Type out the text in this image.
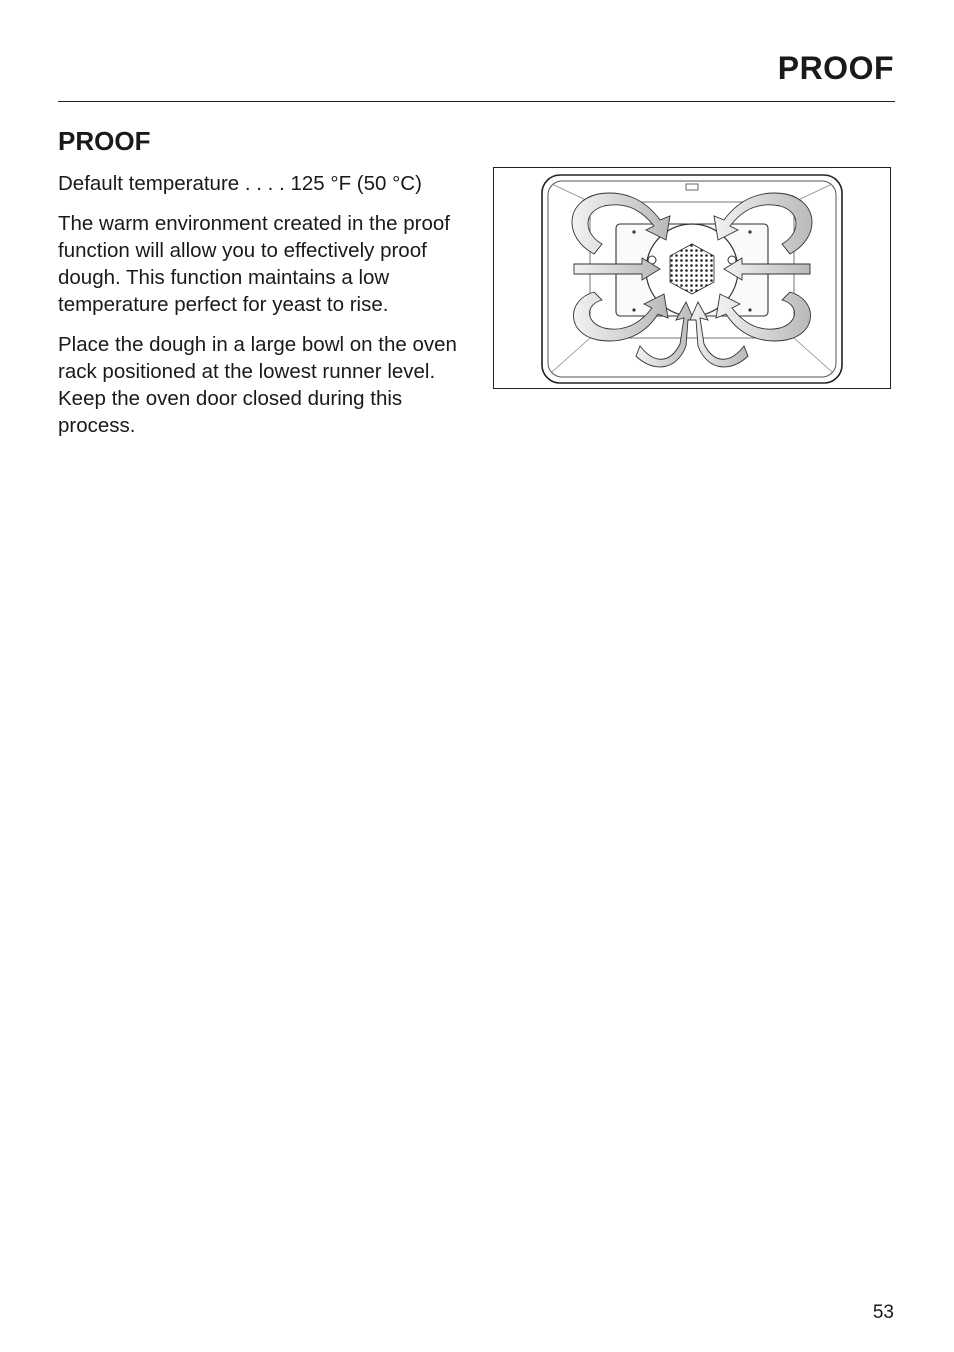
PROOF
PROOF

Default temperature . . . . 125 °F (50 °C)

The warm environment created in the proof function will allow you to effectively proof dough. This function maintains a low temperature perfect for yeast to rise.

Place the dough in a large bowl on the oven rack positioned at the lowest runner level. Keep the oven door closed during this process.

53
